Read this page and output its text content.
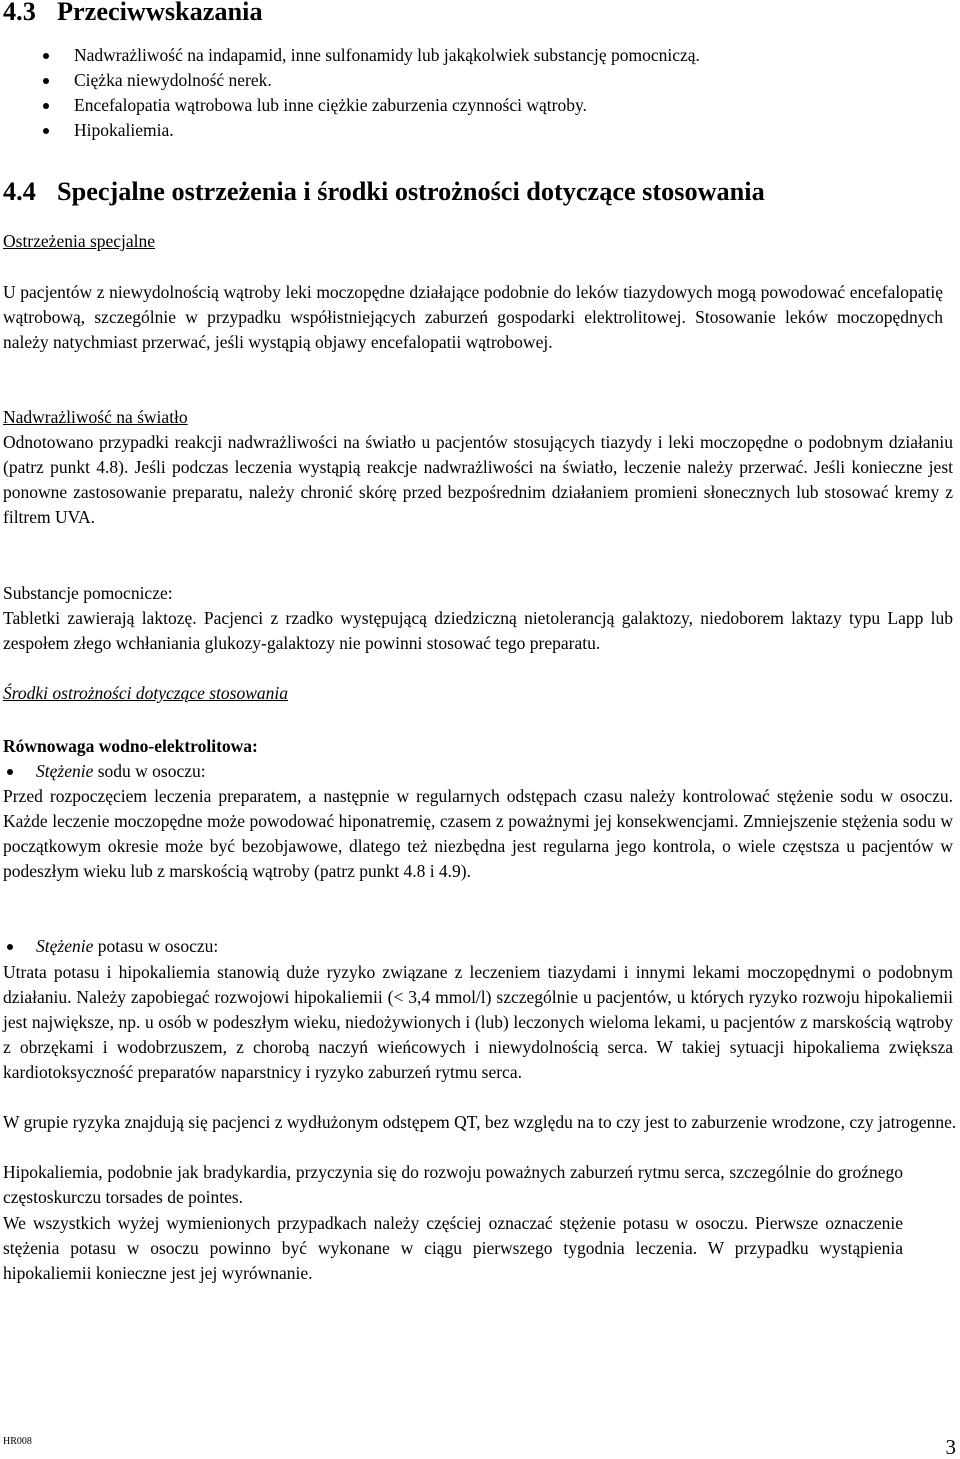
4.3 Przeciwwskazania
Nadwrażliwość na indapamid, inne sulfonamidy lub jakąkolwiek substancję pomocniczą.
Ciężka niewydolność nerek.
Encefalopatia wątrobowa lub inne ciężkie zaburzenia czynności wątroby.
Hipokaliemia.
4.4 Specjalne ostrzeżenia i środki ostrożności dotyczące stosowania
Ostrzeżenia specjalne

U pacjentów z niewydolnością wątroby leki moczopędne działające podobnie do leków tiazydowych mogą powodować encefalopatię wątrobową, szczególnie w przypadku współistniejących zaburzeń gospodarki elektrolitowej. Stosowanie leków moczopędnych należy natychmiast przerwać, jeśli wystąpią objawy encefalopatii wątrobowej.

Nadwrażliwość na światło

Odnotowano przypadki reakcji nadwrażliwości na światło u pacjentów stosujących tiazydy i leki moczopędne o podobnym działaniu (patrz punkt 4.8). Jeśli podczas leczenia wystąpią reakcje nadwrażliwości na światło, leczenie należy przerwać. Jeśli konieczne jest ponowne zastosowanie preparatu, należy chronić skórę przed bezpośrednim działaniem promieni słonecznych lub stosować kremy z filtrem UVA.

Substancje pomocnicze:

Tabletki zawierają laktozę. Pacjenci z rzadko występującą dziedziczną nietolerancją galaktozy, niedoborem laktazy typu Lapp lub zespołem złego wchłaniania glukozy-galaktozy nie powinni stosować tego preparatu.

Środki ostrożności dotyczące stosowania
Równowaga wodno-elektrolitowa:
Stężenie sodu w osoczu:

Przed rozpoczęciem leczenia preparatem, a następnie w regularnych odstępach czasu należy kontrolować stężenie sodu w osoczu. Każde leczenie moczopędne może powodować hiponatremię, czasem z poważnymi jej konsekwencjami. Zmniejszenie stężenia sodu w początkowym okresie może być bezobjawowe, dlatego też niezbędna jest regularna jego kontrola, o wiele częstsza u pacjentów w podeszłym wieku lub z marskością wątroby (patrz punkt 4.8 i 4.9).

Stężenie potasu w osoczu:

Utrata potasu i hipokaliemia stanowią duże ryzyko związane z leczeniem tiazydami i innymi lekami moczopędnymi o podobnym działaniu. Należy zapobiegać rozwojowi hipokaliemii (< 3,4 mmol/l) szczególnie u pacjentów, u których ryzyko rozwoju hipokaliemii jest największe, np. u osób w podeszłym wieku, niedożywionych i (lub) leczonych wieloma lekami, u pacjentów z marskością wątroby z obrzękami i wodobrzuszem, z chorobą naczyń wieńcowych i niewydolnością serca. W takiej sytuacji hipokaliema zwiększa kardiotoksyczność preparatów naparstnicy i ryzyko zaburzeń rytmu serca.

W grupie ryzyka znajdują się pacjenci z wydłużonym odstępem QT, bez względu na to czy jest to zaburzenie wrodzone, czy jatrogenne.

Hipokaliemia, podobnie jak bradykardia, przyczynia się do rozwoju poważnych zaburzeń rytmu serca, szczególnie do groźnego częstoskurczu torsades de pointes.

We wszystkich wyżej wymienionych przypadkach należy częściej oznaczać stężenie potasu w osoczu. Pierwsze oznaczenie stężenia potasu w osoczu powinno być wykonane w ciągu pierwszego tygodnia leczenia. W przypadku wystąpienia hipokaliemii konieczne jest jej wyrównanie.

HR008	3
